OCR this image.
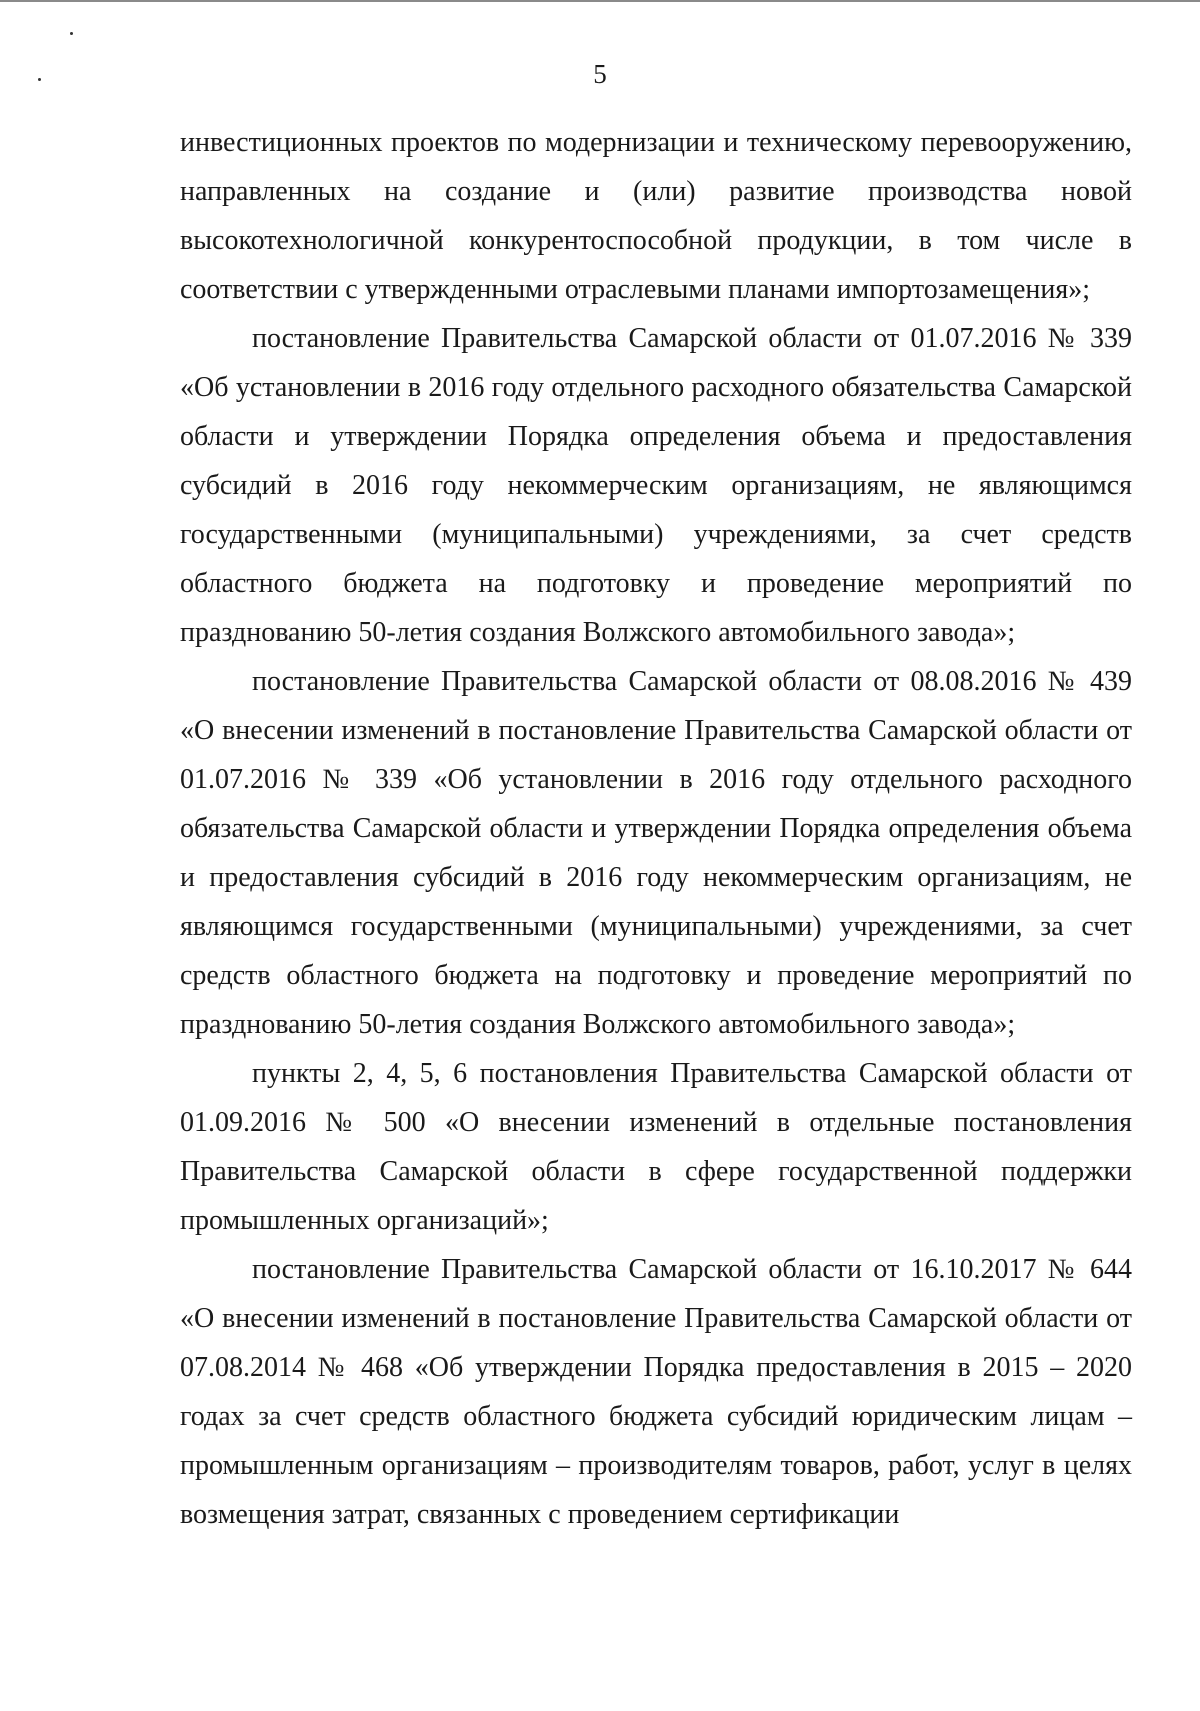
5

инвестиционных проектов по модернизации и техническому перевооружению, направленных на создание и (или) развитие производства новой высокотехнологичной конкурентоспособной продукции, в том числе в соответствии с утвержденными отраслевыми планами импортозамещения»;

постановление Правительства Самарской области от 01.07.2016 № 339 «Об установлении в 2016 году отдельного расходного обязательства Самарской области и утверждении Порядка определения объема и предоставления субсидий в 2016 году некоммерческим организациям, не являющимся государственными (муниципальными) учреждениями, за счет средств областного бюджета на подготовку и проведение мероприятий по празднованию 50-летия создания Волжского автомобильного завода»;

постановление Правительства Самарской области от 08.08.2016 № 439 «О внесении изменений в постановление Правительства Самарской области от 01.07.2016 № 339 «Об установлении в 2016 году отдельного расходного обязательства Самарской области и утверждении Порядка определения объема и предоставления субсидий в 2016 году некоммерческим организациям, не являющимся государственными (муниципальными) учреждениями, за счет средств областного бюджета на подготовку и проведение мероприятий по празднованию 50-летия создания Волжского автомобильного завода»;

пункты 2, 4, 5, 6 постановления Правительства Самарской области от 01.09.2016 № 500 «О внесении изменений в отдельные постановления Правительства Самарской области в сфере государственной поддержки промышленных организаций»;

постановление Правительства Самарской области от 16.10.2017 № 644 «О внесении изменений в постановление Правительства Самарской области от 07.08.2014 № 468 «Об утверждении Порядка предоставления в 2015 – 2020 годах за счет средств областного бюджета субсидий юридическим лицам – промышленным организациям – производителям товаров, работ, услуг в целях возмещения затрат, связанных с проведением сертификации
